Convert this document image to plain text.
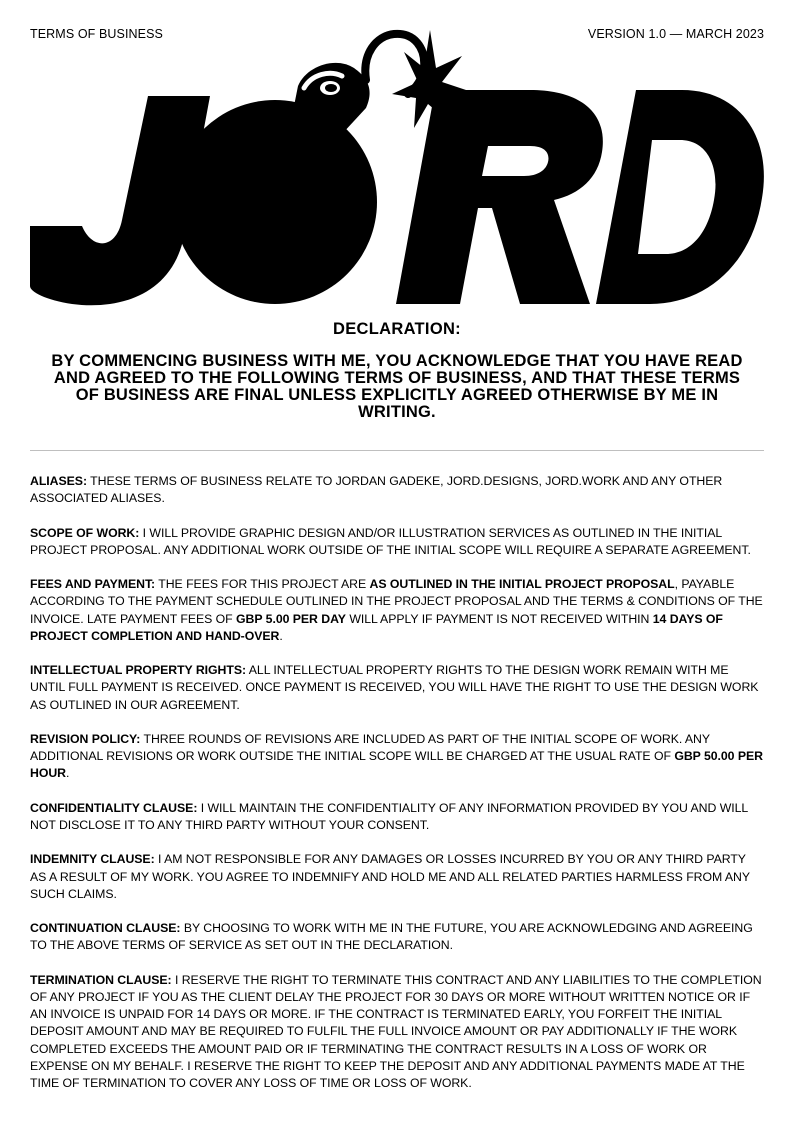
TERMS OF BUSINESS	VERSION 1.0 — MARCH 2023
DECLARATION:

BY COMMENCING BUSINESS WITH ME, YOU ACKNOWLEDGE THAT YOU HAVE READ AND AGREED TO THE FOLLOWING TERMS OF BUSINESS, AND THAT THESE TERMS OF BUSINESS ARE FINAL UNLESS EXPLICITLY AGREED OTHERWISE BY ME IN WRITING.

ALIASES: THESE TERMS OF BUSINESS RELATE TO JORDAN GADEKE, JORD.DESIGNS, JORD.WORK AND ANY OTHER ASSOCIATED ALIASES.

SCOPE OF WORK: I WILL PROVIDE GRAPHIC DESIGN AND/OR ILLUSTRATION SERVICES AS OUTLINED IN THE INITIAL PROJECT PROPOSAL. ANY ADDITIONAL WORK OUTSIDE OF THE INITIAL SCOPE WILL REQUIRE A SEPARATE AGREEMENT.

FEES AND PAYMENT: THE FEES FOR THIS PROJECT ARE AS OUTLINED IN THE INITIAL PROJECT PROPOSAL, PAYABLE ACCORDING TO THE PAYMENT SCHEDULE OUTLINED IN THE PROJECT PROPOSAL AND THE TERMS & CONDITIONS OF THE INVOICE. LATE PAYMENT FEES OF GBP 5.00 PER DAY WILL APPLY IF PAYMENT IS NOT RECEIVED WITHIN 14 DAYS OF PROJECT COMPLETION AND HAND-OVER.

INTELLECTUAL PROPERTY RIGHTS: ALL INTELLECTUAL PROPERTY RIGHTS TO THE DESIGN WORK REMAIN WITH ME UNTIL FULL PAYMENT IS RECEIVED. ONCE PAYMENT IS RECEIVED, YOU WILL HAVE THE RIGHT TO USE THE DESIGN WORK AS OUTLINED IN OUR AGREEMENT.

REVISION POLICY: THREE ROUNDS OF REVISIONS ARE INCLUDED AS PART OF THE INITIAL SCOPE OF WORK. ANY ADDITIONAL REVISIONS OR WORK OUTSIDE THE INITIAL SCOPE WILL BE CHARGED AT THE USUAL RATE OF GBP 50.00 PER HOUR.

CONFIDENTIALITY CLAUSE: I WILL MAINTAIN THE CONFIDENTIALITY OF ANY INFORMATION PROVIDED BY YOU AND WILL NOT DISCLOSE IT TO ANY THIRD PARTY WITHOUT YOUR CONSENT.

INDEMNITY CLAUSE: I AM NOT RESPONSIBLE FOR ANY DAMAGES OR LOSSES INCURRED BY YOU OR ANY THIRD PARTY AS A RESULT OF MY WORK. YOU AGREE TO INDEMNIFY AND HOLD ME AND ALL RELATED PARTIES HARMLESS FROM ANY SUCH CLAIMS.

CONTINUATION CLAUSE: BY CHOOSING TO WORK WITH ME IN THE FUTURE, YOU ARE ACKNOWLEDGING AND AGREEING TO THE ABOVE TERMS OF SERVICE AS SET OUT IN THE DECLARATION.

TERMINATION CLAUSE: I RESERVE THE RIGHT TO TERMINATE THIS CONTRACT AND ANY LIABILITIES TO THE COMPLETION OF ANY PROJECT IF YOU AS THE CLIENT DELAY THE PROJECT FOR 30 DAYS OR MORE WITHOUT WRITTEN NOTICE OR IF AN INVOICE IS UNPAID FOR 14 DAYS OR MORE. IF THE CONTRACT IS TERMINATED EARLY, YOU FORFEIT THE INITIAL DEPOSIT AMOUNT AND MAY BE REQUIRED TO FULFIL THE FULL INVOICE AMOUNT OR PAY ADDITIONALLY IF THE WORK COMPLETED EXCEEDS THE AMOUNT PAID OR IF TERMINATING THE CONTRACT RESULTS IN A LOSS OF WORK OR EXPENSE ON MY BEHALF. I RESERVE THE RIGHT TO KEEP THE DEPOSIT AND ANY ADDITIONAL PAYMENTS MADE AT THE TIME OF TERMINATION TO COVER ANY LOSS OF TIME OR LOSS OF WORK.
